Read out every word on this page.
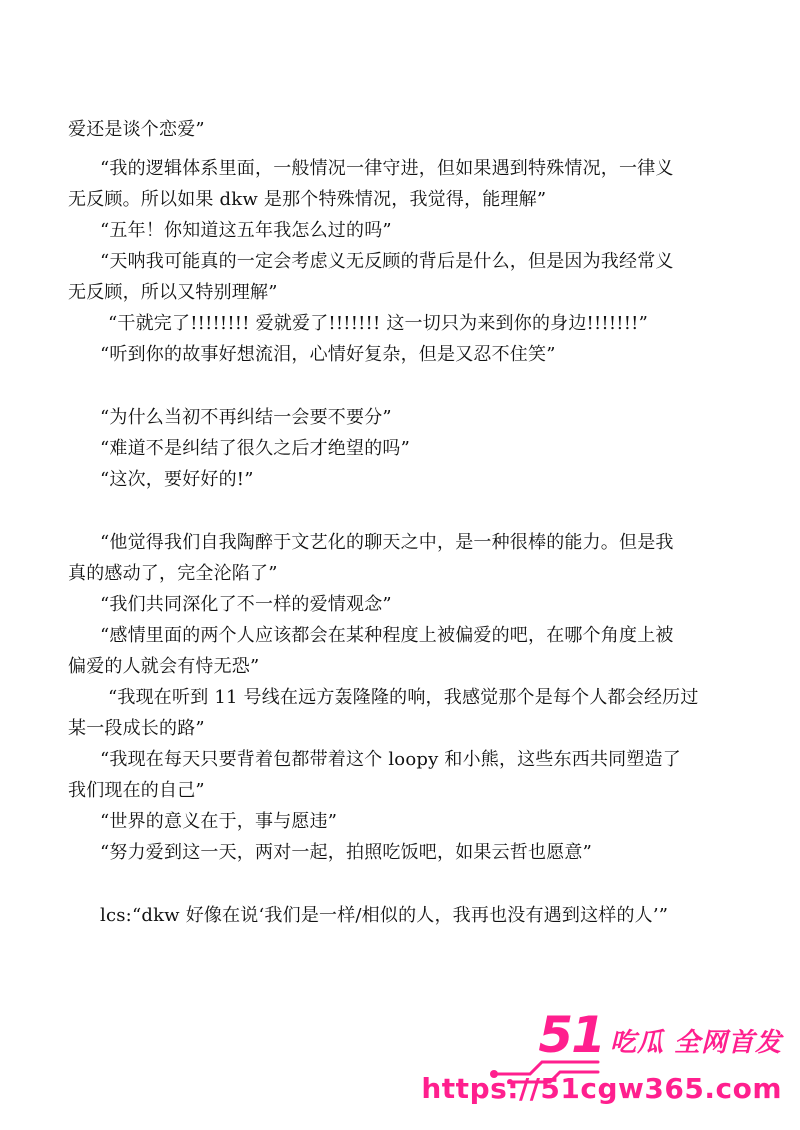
爱还是谈个恋爱”
“我的逻辑体系里面，一般情况一律守进，但如果遇到特殊情况，一律义
无反顾。所以如果 dkw 是那个特殊情况，我觉得，能理解”
“五年！你知道这五年我怎么过的吗”
“天呐我可能真的一定会考虑义无反顾的背后是什么，但是因为我经常义
无反顾，所以又特别理解”
“干就完了!!!!!!!! 爱就爱了!!!!!!! 这一切只为来到你的身边!!!!!!!”
“听到你的故事好想流泪，心情好复杂，但是又忍不住笑”
“为什么当初不再纠结一会要不要分”
“难道不是纠结了很久之后才绝望的吗”
“这次，要好好的!”
“他觉得我们自我陶醉于文艺化的聊天之中，是一种很棒的能力。但是我
真的感动了，完全沦陷了”
“我们共同深化了不一样的爱情观念”
“感情里面的两个人应该都会在某种程度上被偏爱的吧，在哪个角度上被
偏爱的人就会有恃无恐”
“我现在听到 11 号线在远方轰隆隆的响，我感觉那个是每个人都会经历过
某一段成长的路”
“我现在每天只要背着包都带着这个 loopy 和小熊，这些东西共同塑造了
我们现在的自己”
“世界的意义在于，事与愿违”
“努力爱到这一天，两对一起，拍照吃饭吧，如果云哲也愿意”
lcs:“dkw 好像在说‘我们是一样/相似的人，我再也没有遇到这样的人’”
51 吃瓜 全网首发
https://51cgw365.com
